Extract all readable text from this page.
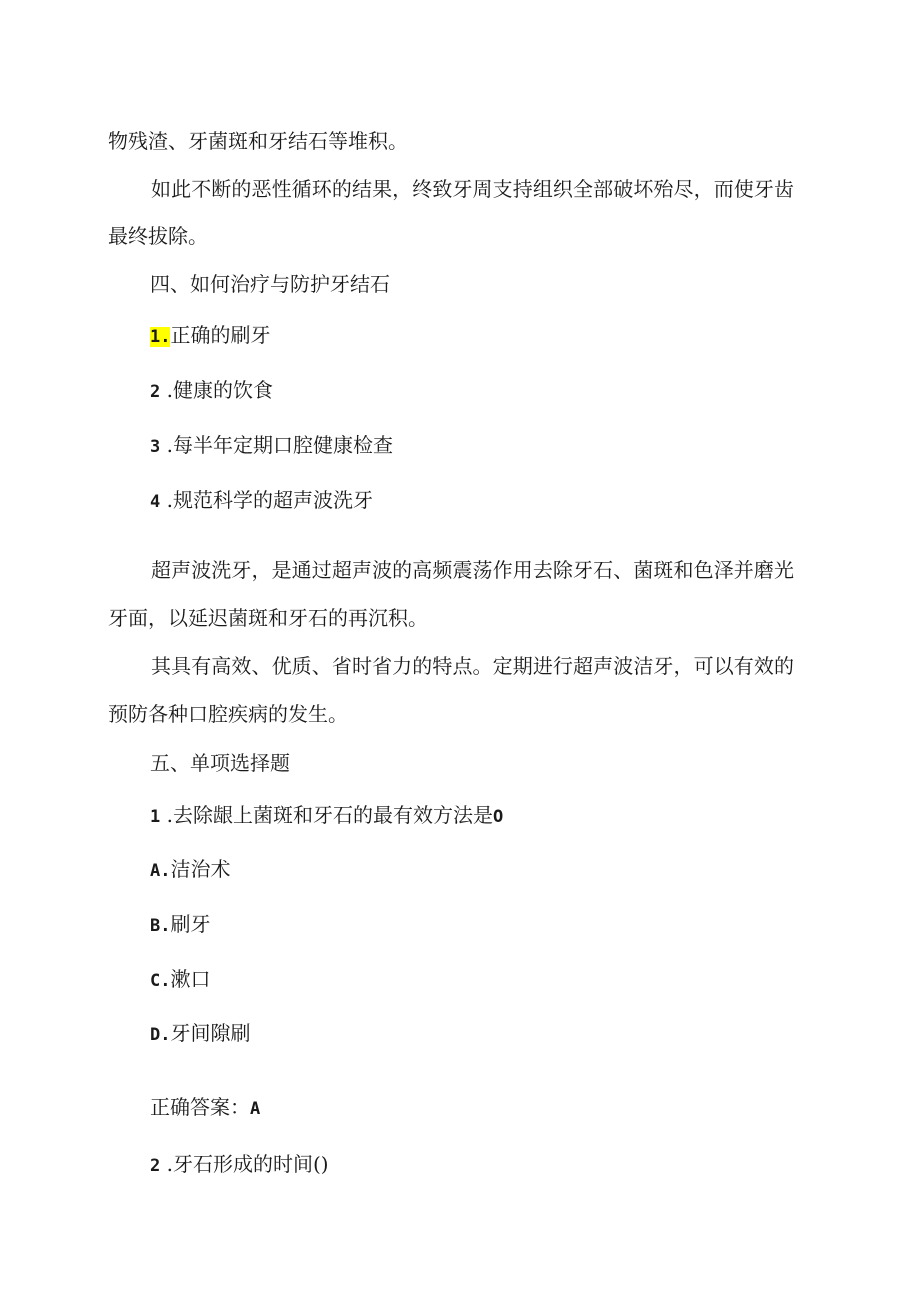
物残渣、牙菌斑和牙结石等堆积。
如此不断的恶性循环的结果，终致牙周支持组织全部破坏殆尽，而使牙齿
最终拔除。
四、如何治疗与防护牙结石
1.正确的刷牙
2 .健康的饮食
3 .每半年定期口腔健康检查
4 .规范科学的超声波洗牙
超声波洗牙，是通过超声波的高频震荡作用去除牙石、菌斑和色泽并磨光
牙面，以延迟菌斑和牙石的再沉积。
其具有高效、优质、省时省力的特点。定期进行超声波洁牙，可以有效的
预防各种口腔疾病的发生。
五、单项选择题
1 .去除龈上菌斑和牙石的最有效方法是O
A.洁治术
B.刷牙
C.漱口
D.牙间隙刷
正确答案：A
2 .牙石形成的时间()
